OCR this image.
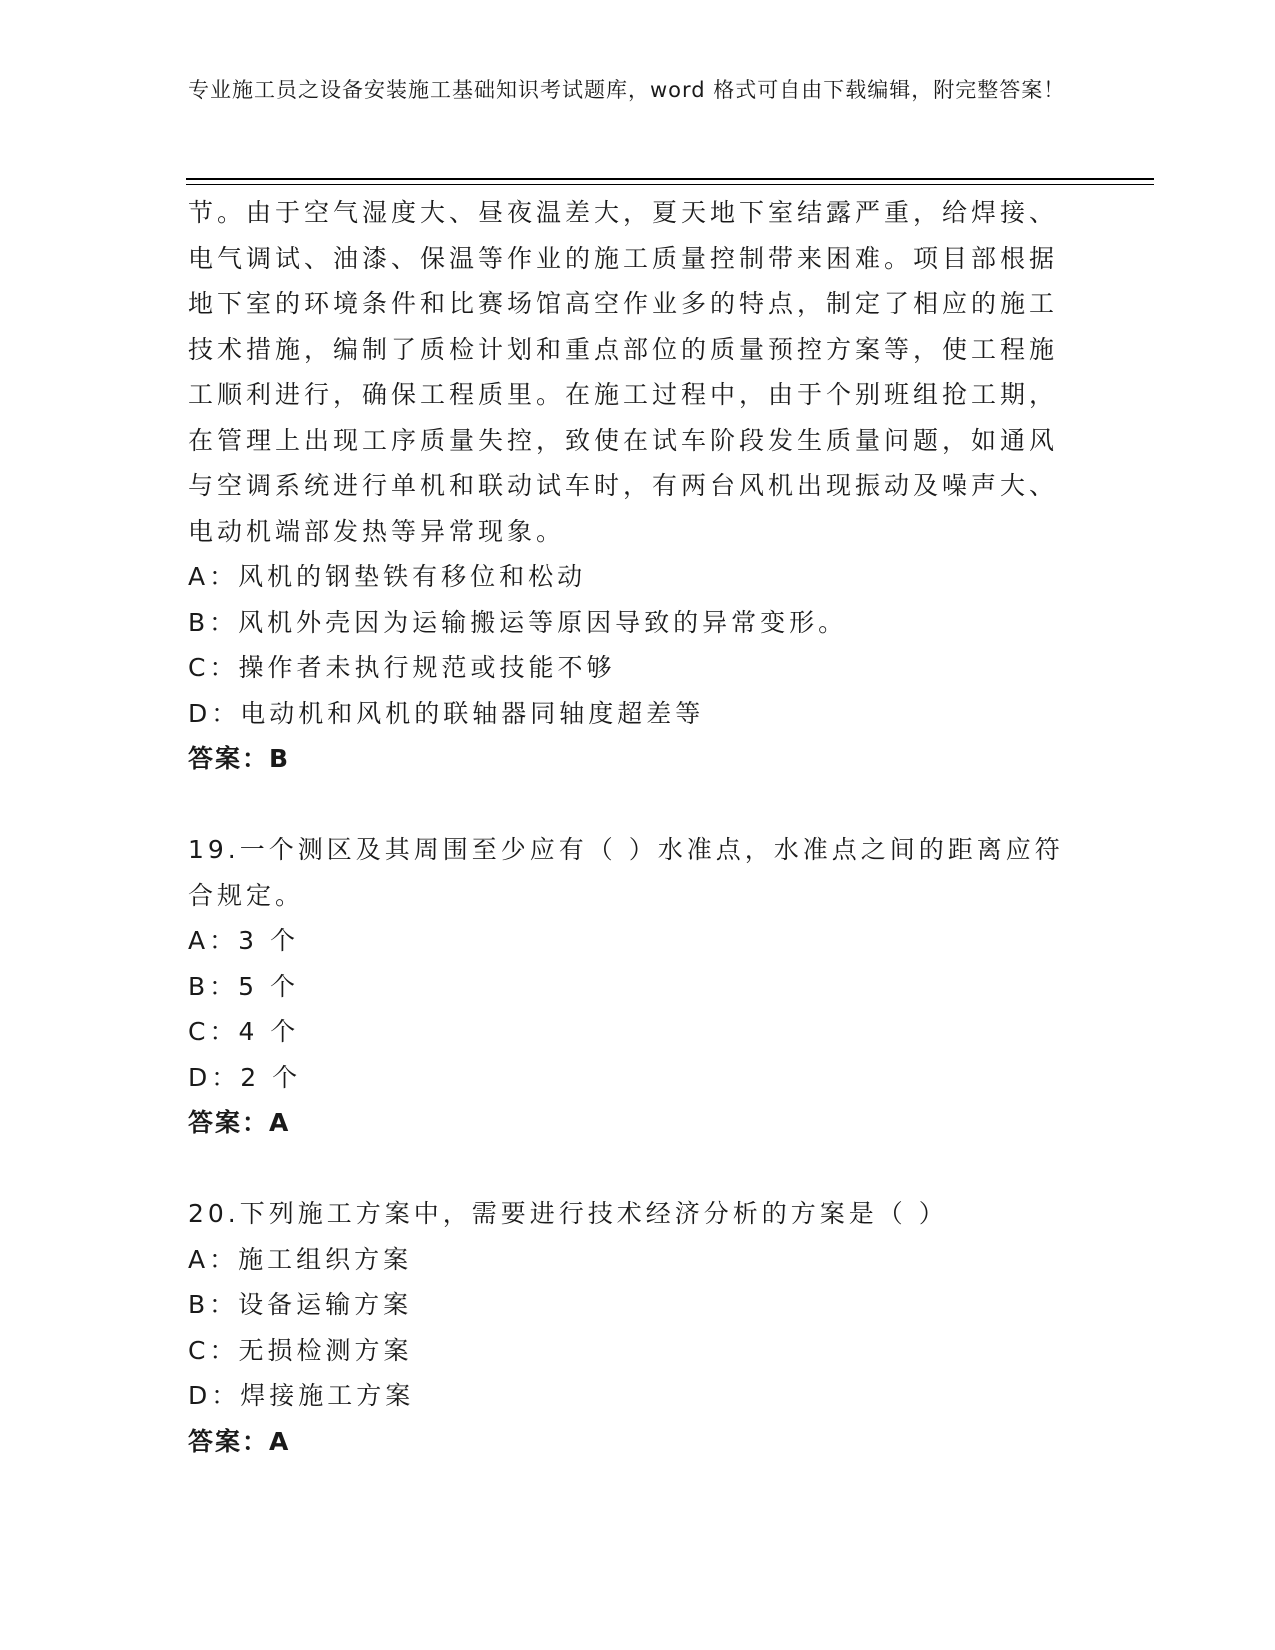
专业施工员之设备安装施工基础知识考试题库，word 格式可自由下载编辑，附完整答案！
节。由于空气湿度大、昼夜温差大，夏天地下室结露严重，给焊接、
电气调试、油漆、保温等作业的施工质量控制带来困难。项目部根据
地下室的环境条件和比赛场馆高空作业多的特点，制定了相应的施工
技术措施，编制了质检计划和重点部位的质量预控方案等，使工程施
工顺利进行，确保工程质里。在施工过程中，由于个别班组抢工期，
在管理上出现工序质量失控，致使在试车阶段发生质量问题，如通风
与空调系统进行单机和联动试车时，有两台风机出现振动及噪声大、
电动机端部发热等异常现象。
A：风机的钢垫铁有移位和松动
B：风机外壳因为运输搬运等原因导致的异常变形。
C：操作者未执行规范或技能不够
D：电动机和风机的联轴器同轴度超差等
答案：B
19.一个测区及其周围至少应有（ ）水准点，水准点之间的距离应符
合规定。
A：3 个
B：5 个
C：4 个
D：2 个
答案：A
20.下列施工方案中，需要进行技术经济分析的方案是（ ）
A：施工组织方案
B：设备运输方案
C：无损检测方案
D：焊接施工方案
答案：A
